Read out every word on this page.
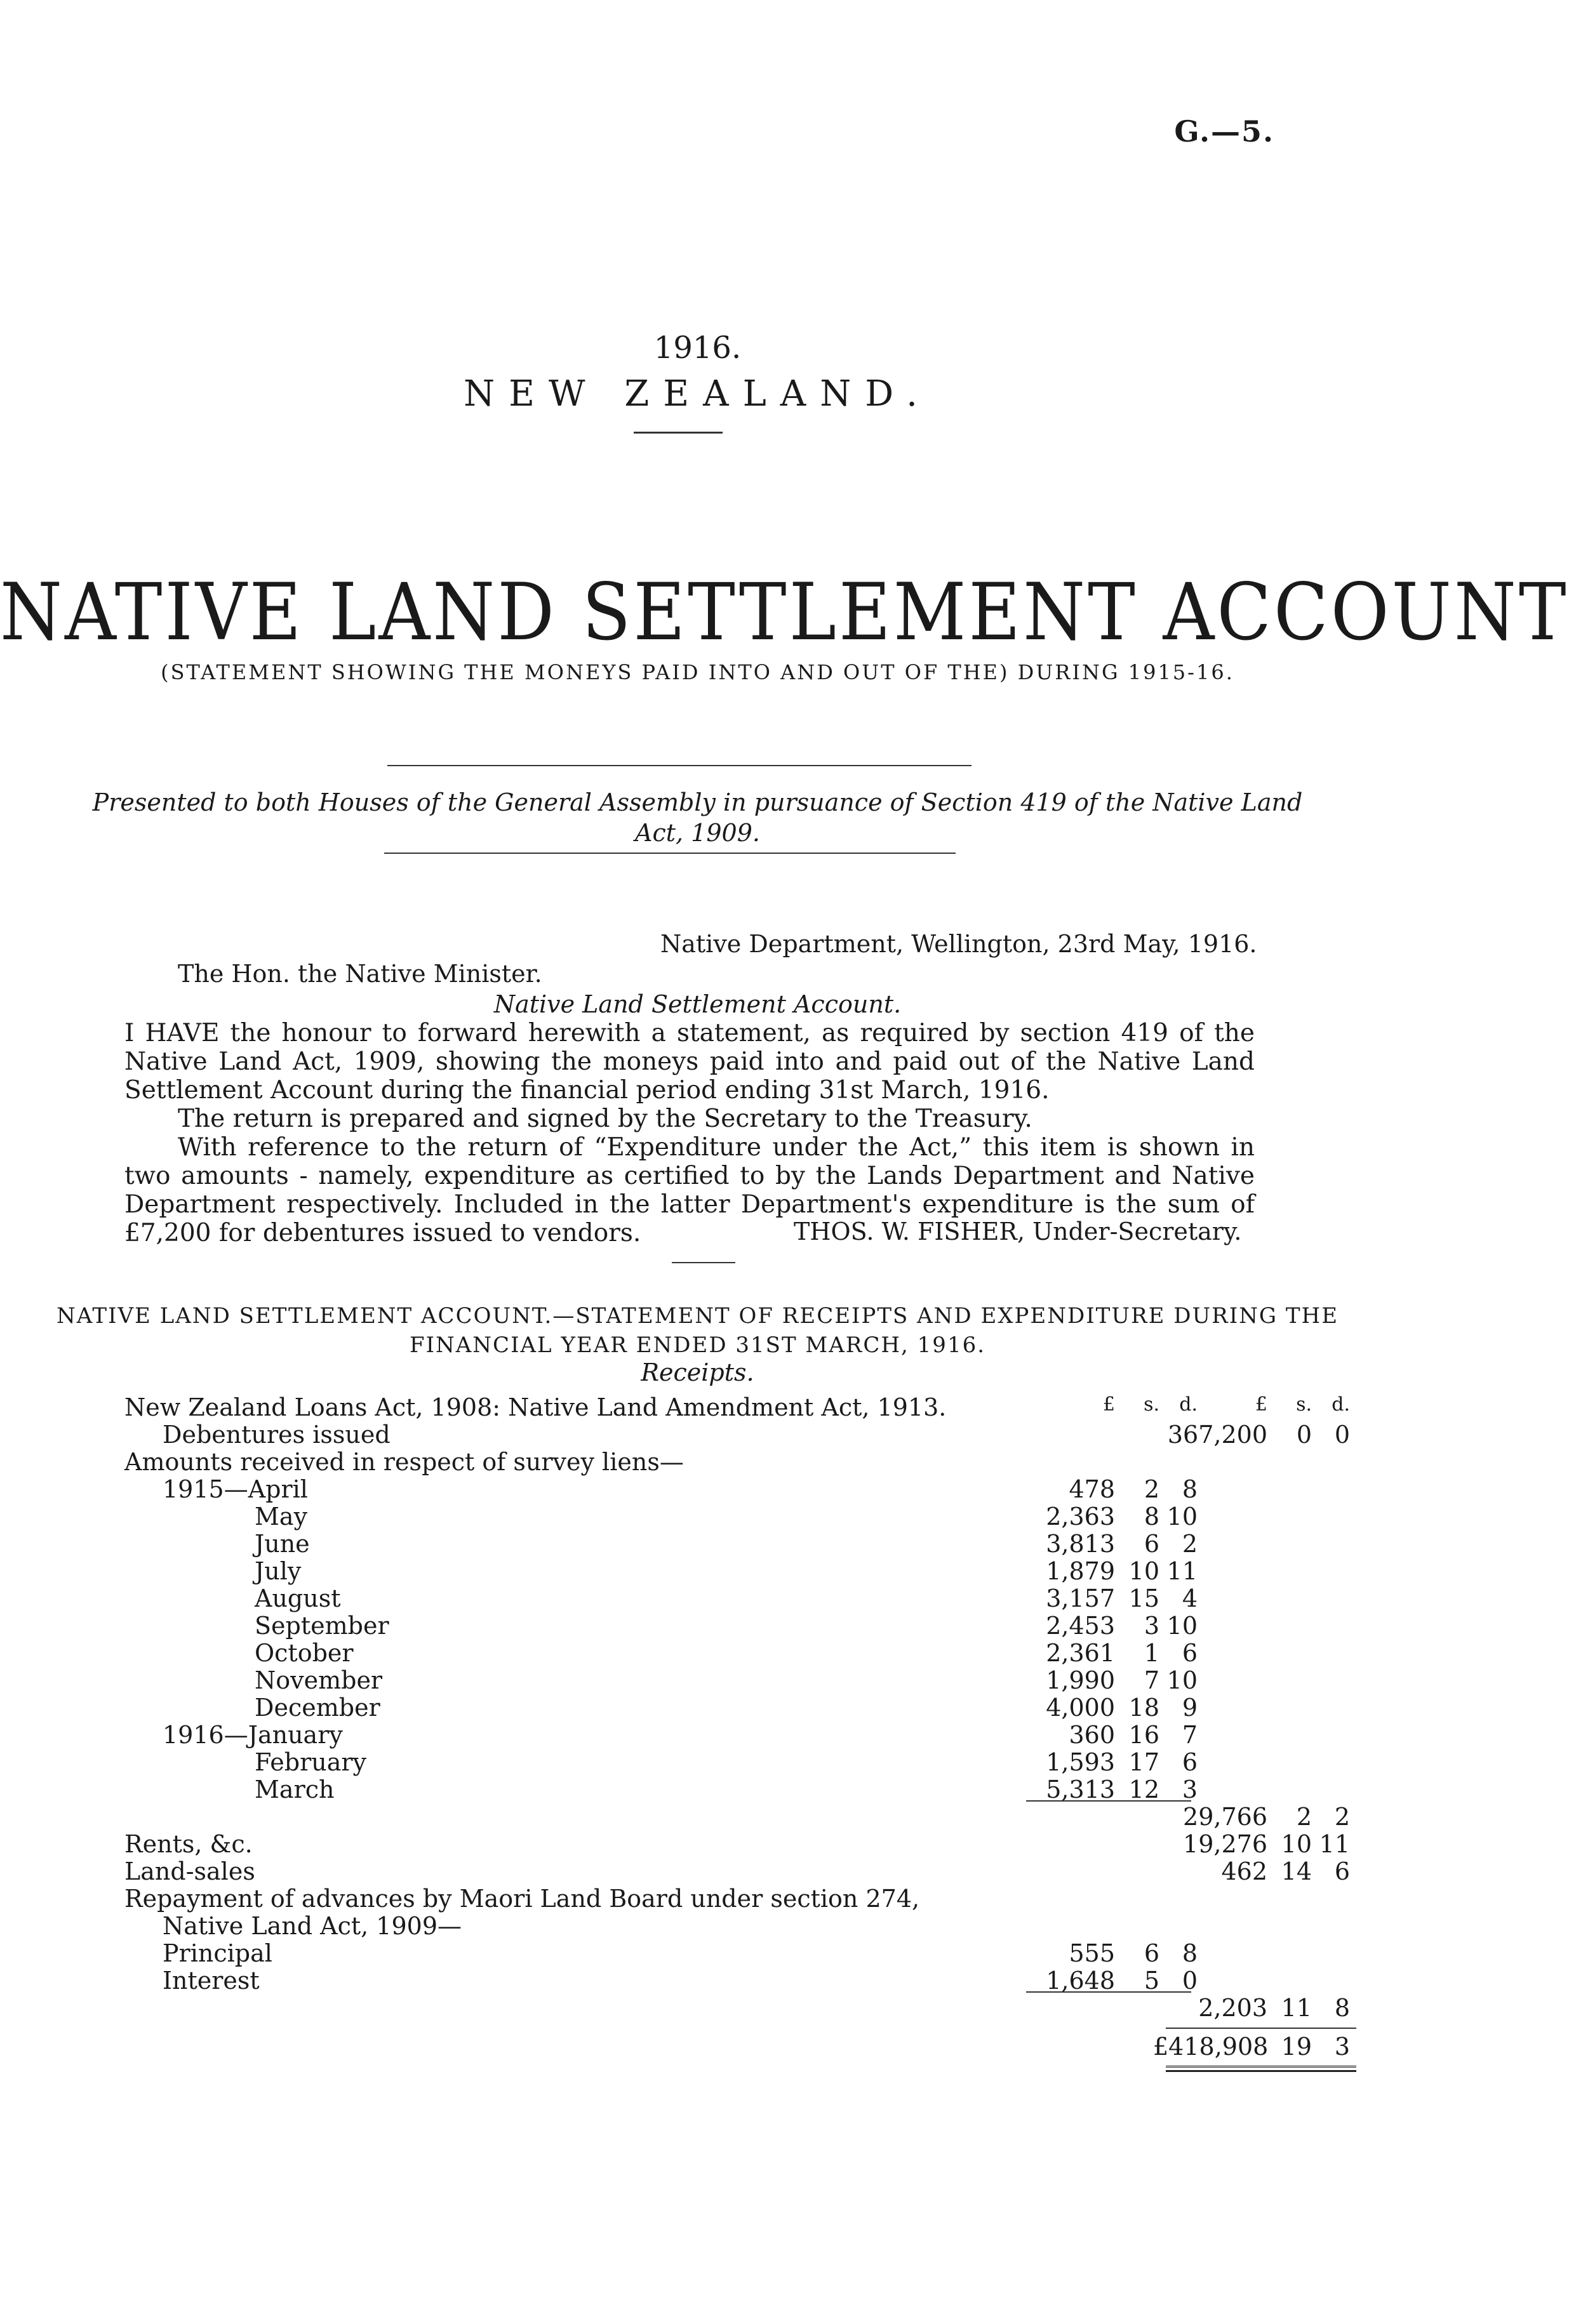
G.—5.
1916.
NEW ZEALAND.
NATIVE LAND SETTLEMENT ACCOUNT
(STATEMENT SHOWING THE MONEYS PAID INTO AND OUT OF THE) DURING 1915-16.
Presented to both Houses of the General Assembly in pursuance of Section 419 of the Native Land
Act, 1909.
Native Department, Wellington, 23rd May, 1916.
The Hon. the Native Minister.
Native Land Settlement Account.
I HAVE the honour to forward herewith a statement, as required by section 419 of the Native Land Act, 1909, showing the moneys paid into and paid out of the Native Land Settlement Account during the financial period ending 31st March, 1916.
The return is prepared and signed by the Secretary to the Treasury.
With reference to the return of “Expenditure under the Act,” this item is shown in two amounts - namely, expenditure as certified to by the Lands Department and Native Department respectively. Included in the latter Department's expenditure is the sum of £7,200 for debentures issued to vendors.	THOS. W. FISHER, Under-Secretary.
NATIVE LAND SETTLEMENT ACCOUNT.—STATEMENT OF RECEIPTS AND EXPENDITURE DURING THE
FINANCIAL YEAR ENDED 31ST MARCH, 1916.
Receipts.
New Zealand Loans Act, 1908: Native Land Amendment Act, 1913.	£	s.	d.	£	s.	d.
Debentures issued	367,200	0 0
Amounts received in respect of survey liens—
1915—April	478	2 8
May	2,363	8 10
June	3,813	6 2
July	1,879 10 11
August	3,157 15 4
September	2,453	3 10
October	2,361	1 6
November	1,990	7 10
December	4,000 18 9
1916—January	360 16 7
February	1,593 17 6
March	5,313 12 3
29,766	2 2
Rents, &c.	19,276 10 11
Land-sales	462 14 6
Repayment of advances by Maori Land Board under section 274,
Native Land Act, 1909—
Principal	555	6 8
Interest	1,648	5 0
2,203 11 8
£418,908 19 3
